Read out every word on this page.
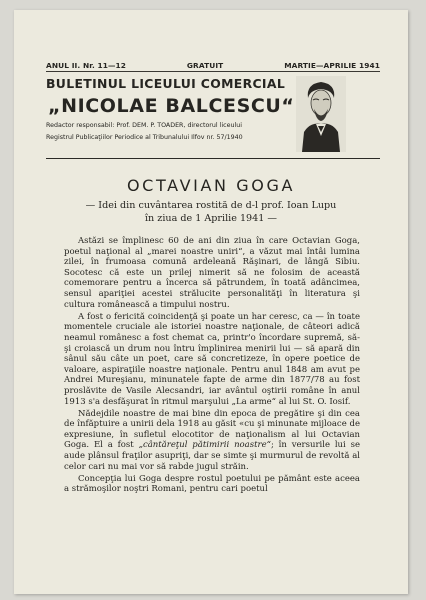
ANUL II. Nr. 11—12	GRATUIT	MARTIE—APRILIE 1941
BULETINUL LICEULUI COMERCIAL
„NICOLAE BALCESCU“
Redactor responsabil: Prof. DEM. P. TOADER, directorul liceului
Registrul Publicaţiilor Periodice al Tribunalului Ilfov nr. 57/1940
OCTAVIAN GOGA
— Idei din cuvântarea rostită de d-l prof. Ioan Lupu
în ziua de 1 Aprilie 1941 —

Astăzi se împlinesc 60 de ani din ziua în care Octavian Goga, poetul naţional al „marei noastre uniri“, a văzut mai întâi lumina zilei, în frumoasa comună ardeleană Răşinari, de lângă Sibiu. Socotesc că este un prilej nimerit să ne folosim de această comemorare pentru a încerca să pătrundem, în toată adâncimea, sensul apariţiei acestei strălucite personalităţi în literatura şi cultura românească a timpului nostru.

A fost o fericită coincidenţă şi poate un har ceresc, ca — în toate momentele cruciale ale istoriei noastre naţionale, de câteori adică neamul românesc a fost chemat ca, printr'o încordare supremă, să-şi croiască un drum nou întru împlinirea menirii lui — să apară din sânul său câte un poet, care să concretizeze, în opere poetice de valoare, aspiraţiile noastre naţionale. Pentru anul 1848 am avut pe Andrei Mureşianu, minunatele fapte de arme din 1877/78 au fost proslăvite de Vasile Alecsandri, iar avântul oştirii române în anul 1913 s'a desfăşurat în ritmul marşului „La arme“ al lui St. O. Iosif.

Nădejdile noastre de mai bine din epoca de pregătire şi din cea de înfăptuire a unirii dela 1918 au găsit «cu şi minunate mijloace de expresiune, în sufletul elocotitor de naţionalism al lui Octavian Goga. El a fost „cântăreţul pătimirii noastre“; în versurile lui se aude plânsul fraţilor asupriţi, dar se simte şi murmurul de revoltă al celor cari nu mai vor să rabde jugul străin.

Concepţia lui Goga despre rostul poetului pe pământ este aceea a strămoşilor noştri Romani, pentru cari poetul
